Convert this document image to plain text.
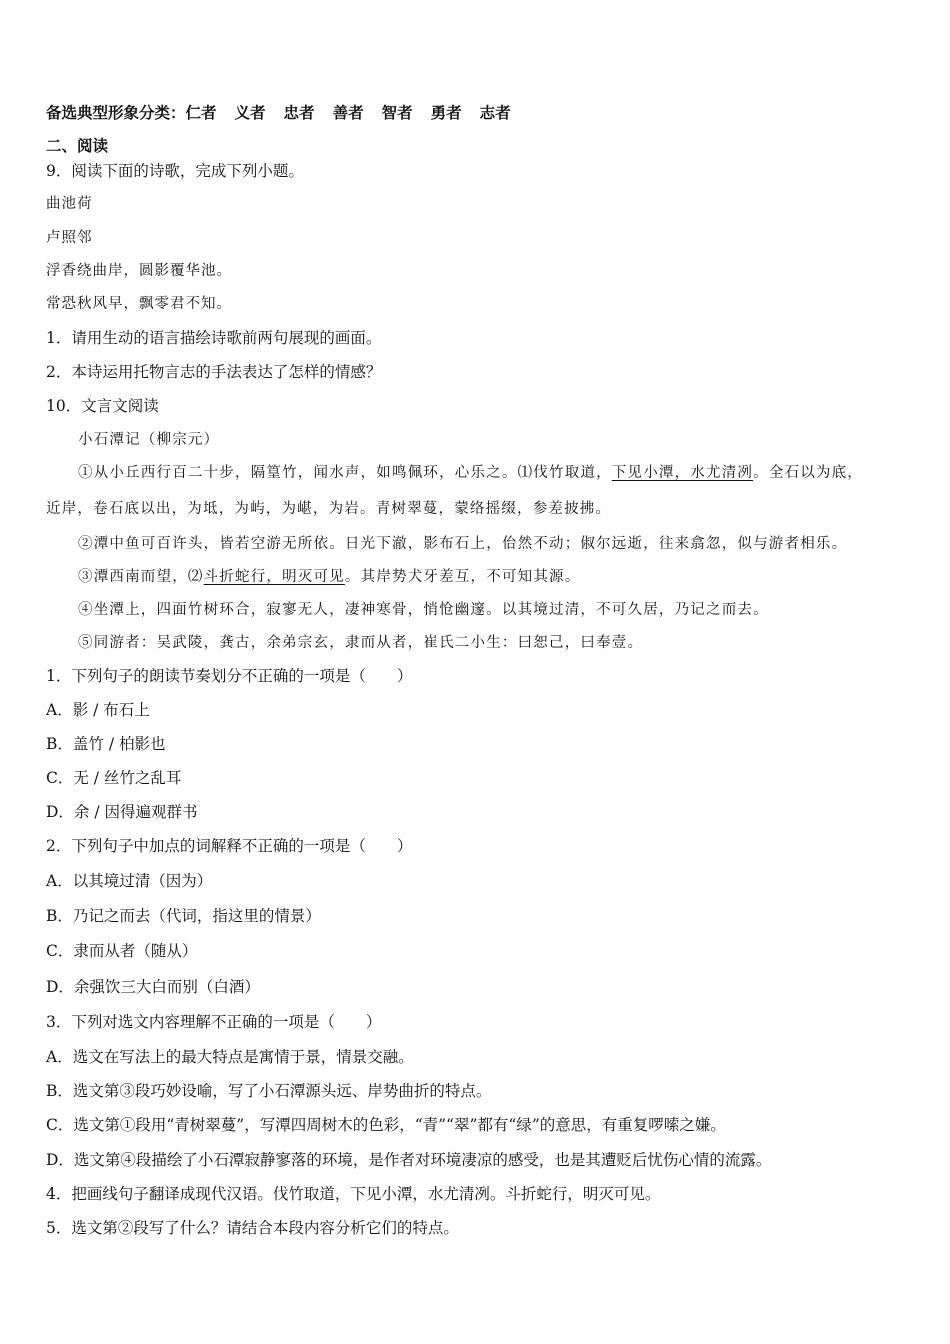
备选典型形象分类：仁者 义者 忠者 善者 智者 勇者 志者
二、阅读
9．阅读下面的诗歌，完成下列小题。
曲池荷
卢照邻
浮香绕曲岸，圆影覆华池。
常恐秋风早，飘零君不知。
1．请用生动的语言描绘诗歌前两句展现的画面。
2．本诗运用托物言志的手法表达了怎样的情感？
10．文言文阅读
小石潭记（柳宗元）
①从小丘西行百二十步，隔篁竹，闻水声，如鸣佩环，心乐之。⑴伐竹取道，下见小潭，水尤清冽。全石以为底，
近岸，卷石底以出，为坻，为屿，为嵁，为岩。青树翠蔓，蒙络摇缀，参差披拂。
②潭中鱼可百许头，皆若空游无所依。日光下澈，影布石上，佁然不动；俶尔远逝，往来翕忽，似与游者相乐。
③潭西南而望，⑵斗折蛇行，明灭可见。其岸势犬牙差互，不可知其源。
④坐潭上，四面竹树环合，寂寥无人，凄神寒骨，悄怆幽邃。以其境过清，不可久居，乃记之而去。
⑤同游者：吴武陵，龚古，余弟宗玄，隶而从者，崔氏二小生：曰恕己，曰奉壹。
1．下列句子的朗读节奏划分不正确的一项是（　　）
A．影 / 布石上
B．盖竹 / 柏影也
C．无 / 丝竹之乱耳
D．余 / 因得遍观群书
2．下列句子中加点的词解释不正确的一项是（　　）
A．以其境过清（因为）
B．乃记之而去（代词，指这里的情景）
C．隶而从者（随从）
D．余强饮三大白而别（白酒）
3．下列对选文内容理解不正确的一项是（　　）
A．选文在写法上的最大特点是寓情于景，情景交融。
B．选文第③段巧妙设喻，写了小石潭源头远、岸势曲折的特点。
C．选文第①段用“青树翠蔓”，写潭四周树木的色彩，“青”“翠”都有“绿”的意思，有重复啰嗦之嫌。
D．选文第④段描绘了小石潭寂静寥落的环境，是作者对环境凄凉的感受，也是其遭贬后忧伤心情的流露。
4．把画线句子翻译成现代汉语。伐竹取道，下见小潭，水尤清冽。斗折蛇行，明灭可见。
5．选文第②段写了什么？请结合本段内容分析它们的特点。
